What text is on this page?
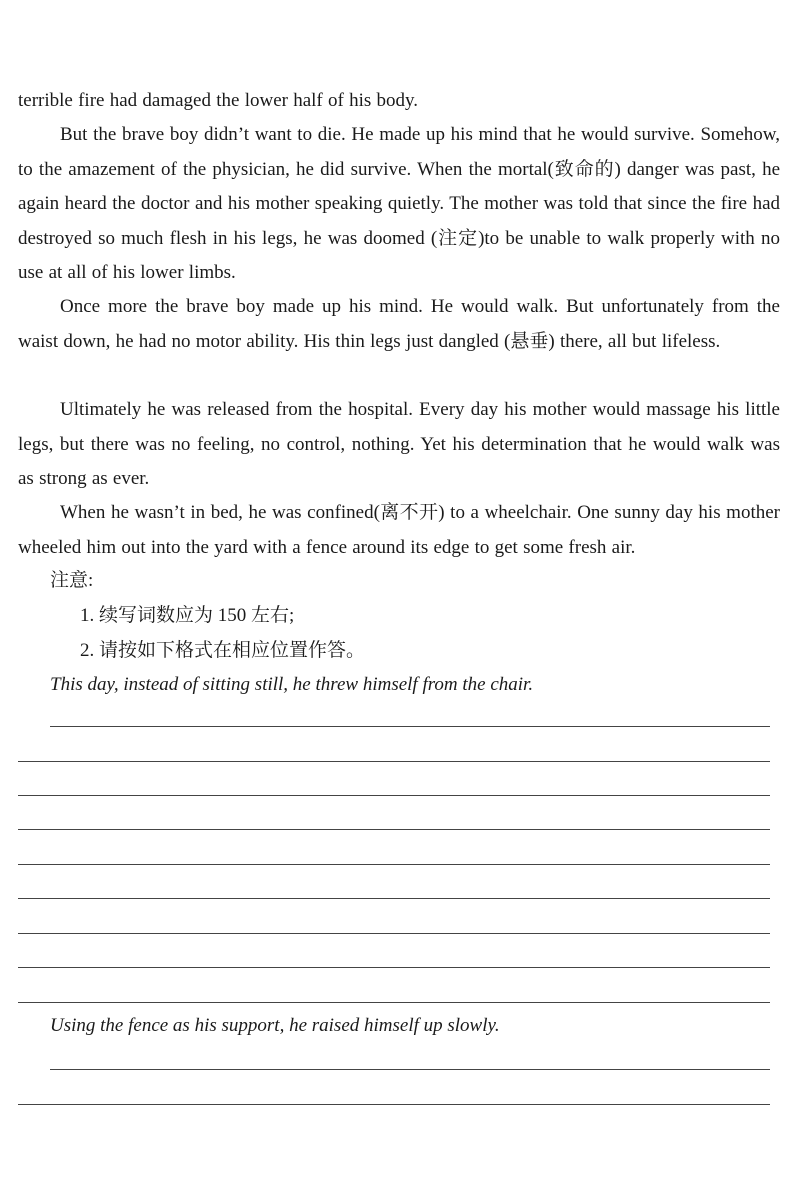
terrible fire had damaged the lower half of his body.

But the brave boy didn’t want to die. He made up his mind that he would survive. Somehow, to the amazement of the physician, he did survive. When the mortal(致命的) danger was past, he again heard the doctor and his mother speaking quietly. The mother was told that since the fire had destroyed so much flesh in his legs, he was doomed (注定)to be unable to walk properly with no use at all of his lower limbs.

Once more the brave boy made up his mind. He would walk. But unfortunately from the waist down, he had no motor ability. His thin legs just dangled (悬垂) there, all but lifeless.

Ultimately he was released from the hospital. Every day his mother would massage his little legs, but there was no feeling, no control, nothing. Yet his determination that he would walk was as strong as ever.

When he wasn’t in bed, he was confined(离不开) to a wheelchair. One sunny day his mother wheeled him out into the yard with a fence around its edge to get some fresh air.

注意:

1. 续写词数应为 150 左右;

2. 请按如下格式在相应位置作答。

This day, instead of sitting still, he threw himself from the chair.

Using the fence as his support, he raised himself up slowly.
